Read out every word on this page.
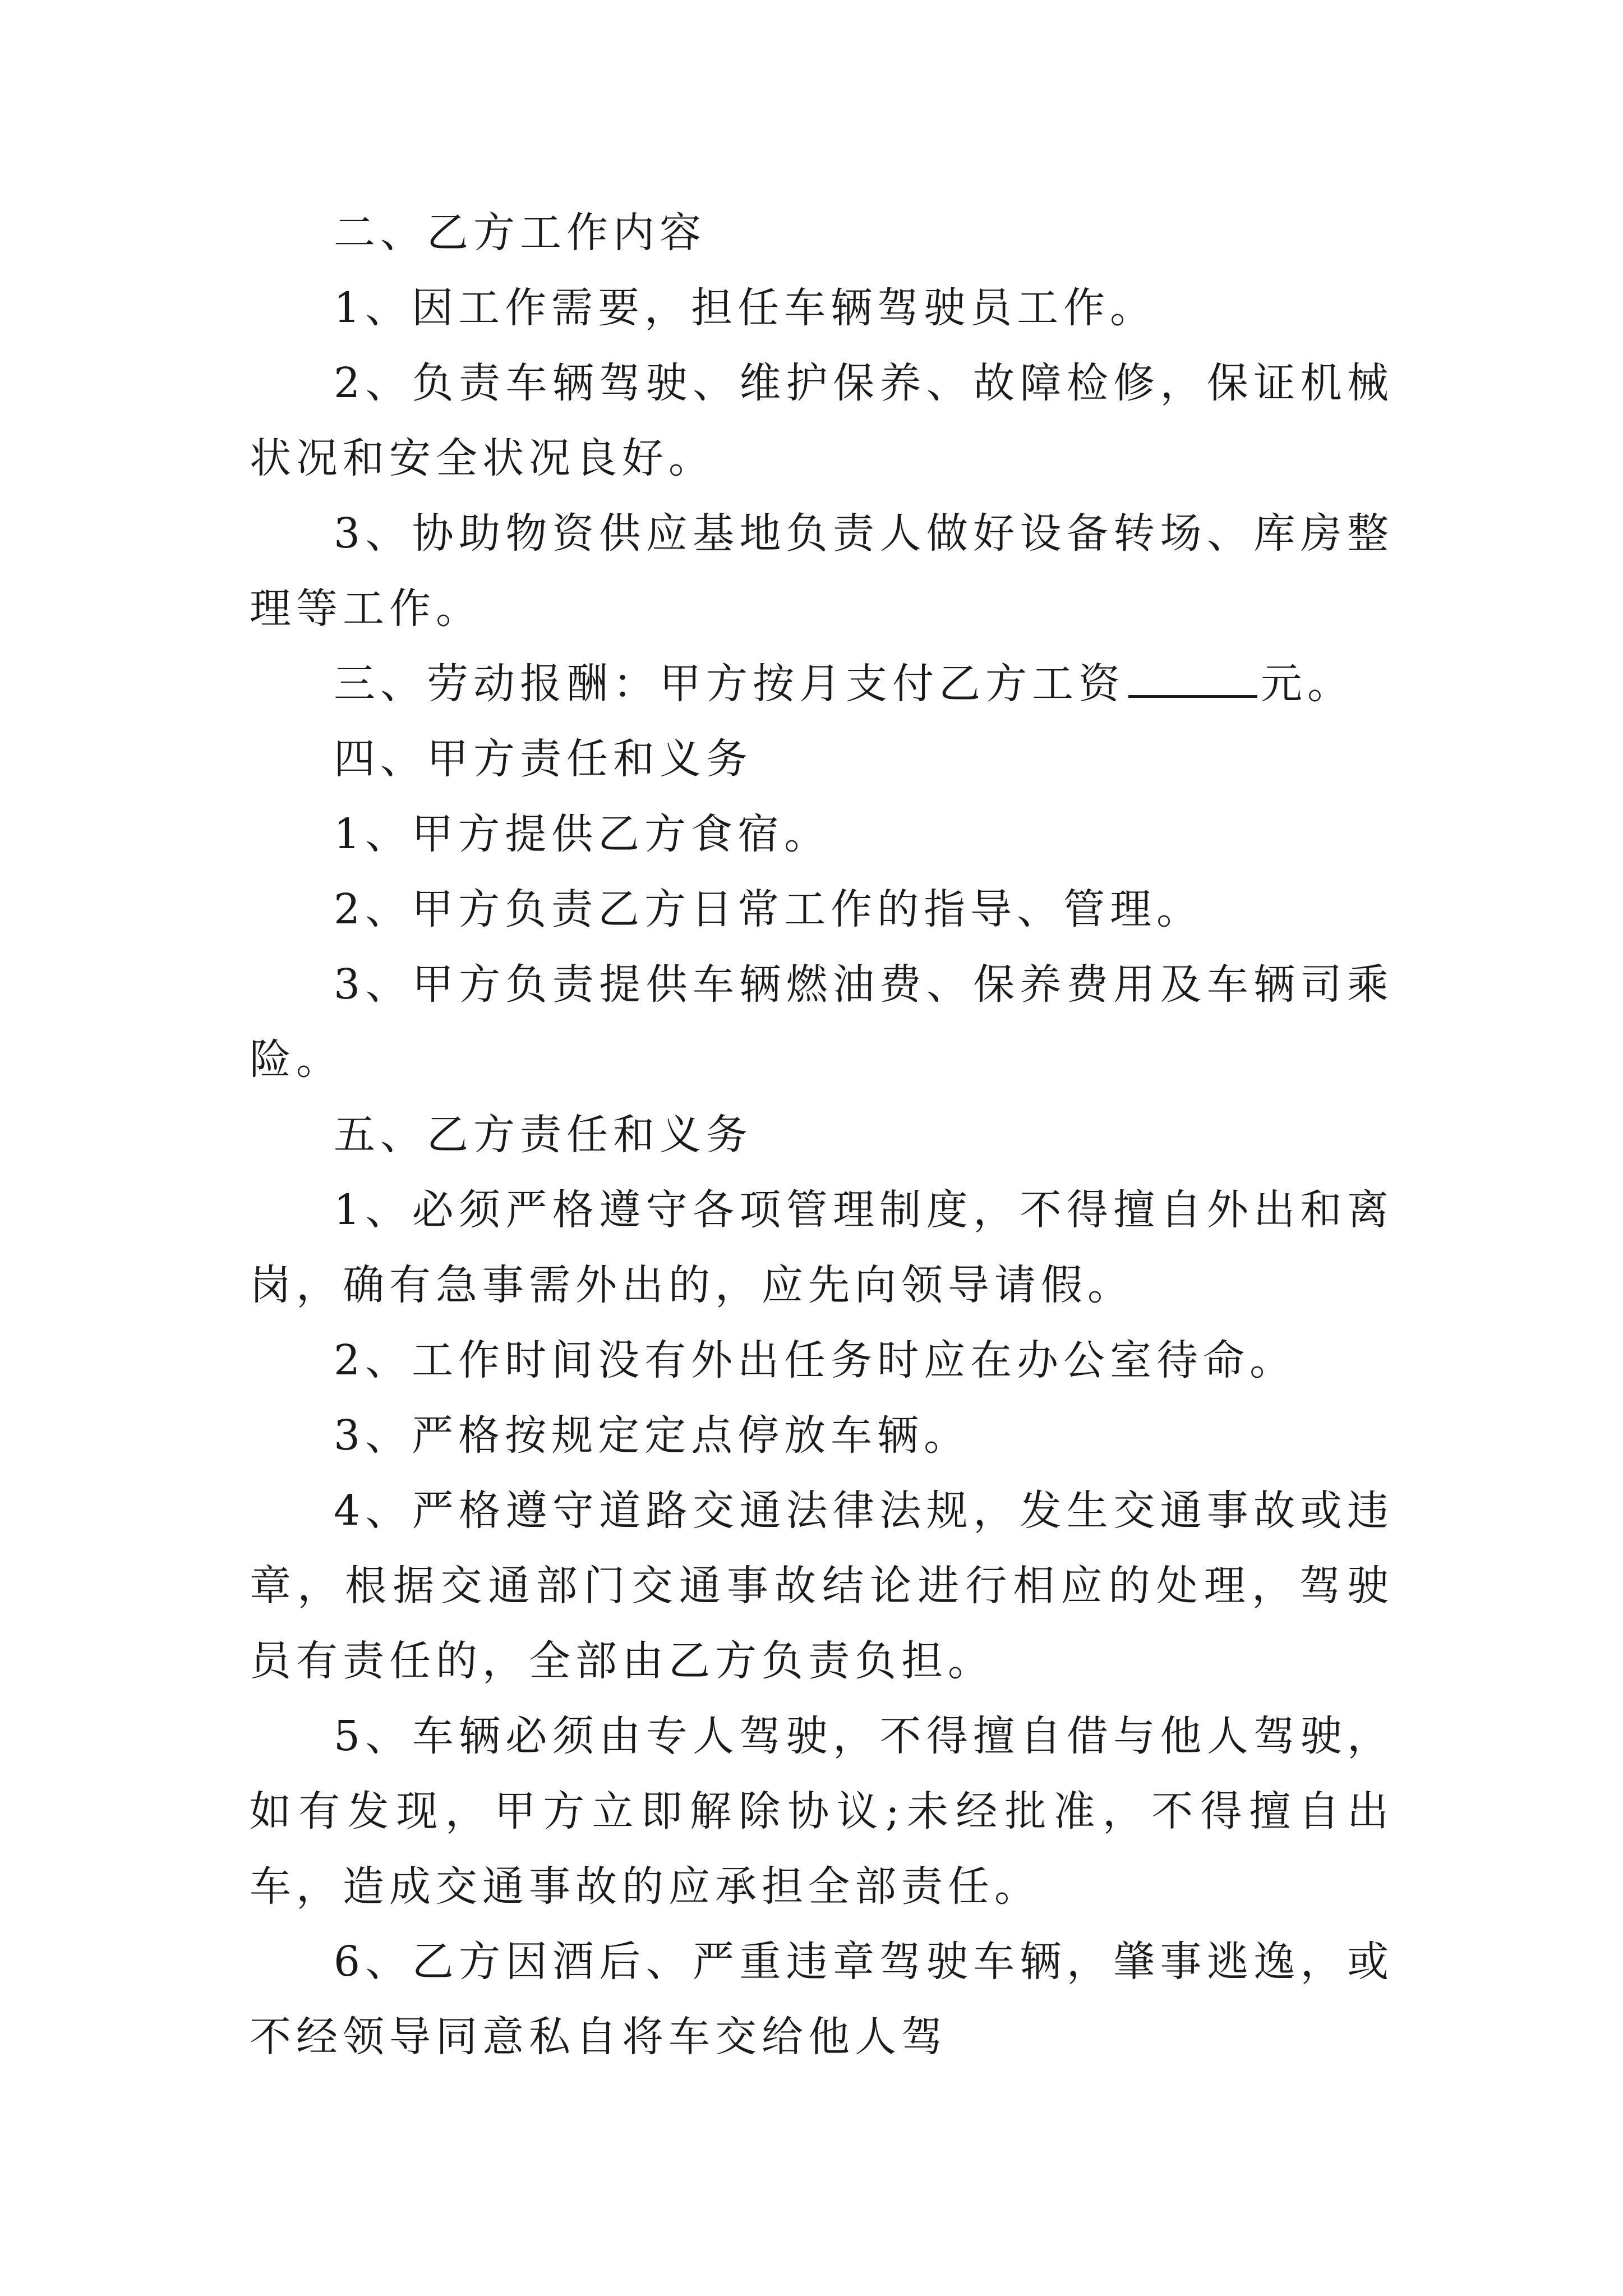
二、乙方工作内容

1、因工作需要，担任车辆驾驶员工作。

2、负责车辆驾驶、维护保养、故障检修，保证机械状况和安全状况良好。

3、协助物资供应基地负责人做好设备转场、库房整理等工作。

三、劳动报酬：甲方按月支付乙方工资	元。

四、甲方责任和义务

1、甲方提供乙方食宿。

2、甲方负责乙方日常工作的指导、管理。

3、甲方负责提供车辆燃油费、保养费用及车辆司乘险。

五、乙方责任和义务

1、必须严格遵守各项管理制度，不得擅自外出和离岗，确有急事需外出的，应先向领导请假。

2、工作时间没有外出任务时应在办公室待命。

3、严格按规定定点停放车辆。

4、严格遵守道路交通法律法规，发生交通事故或违章，根据交通部门交通事故结论进行相应的处理，驾驶员有责任的，全部由乙方负责负担。

5、车辆必须由专人驾驶，不得擅自借与他人驾驶，如有发现，甲方立即解除协议;未经批准，不得擅自出车，造成交通事故的应承担全部责任。

6、乙方因酒后、严重违章驾驶车辆，肇事逃逸，或不经领导同意私自将车交给他人驾
